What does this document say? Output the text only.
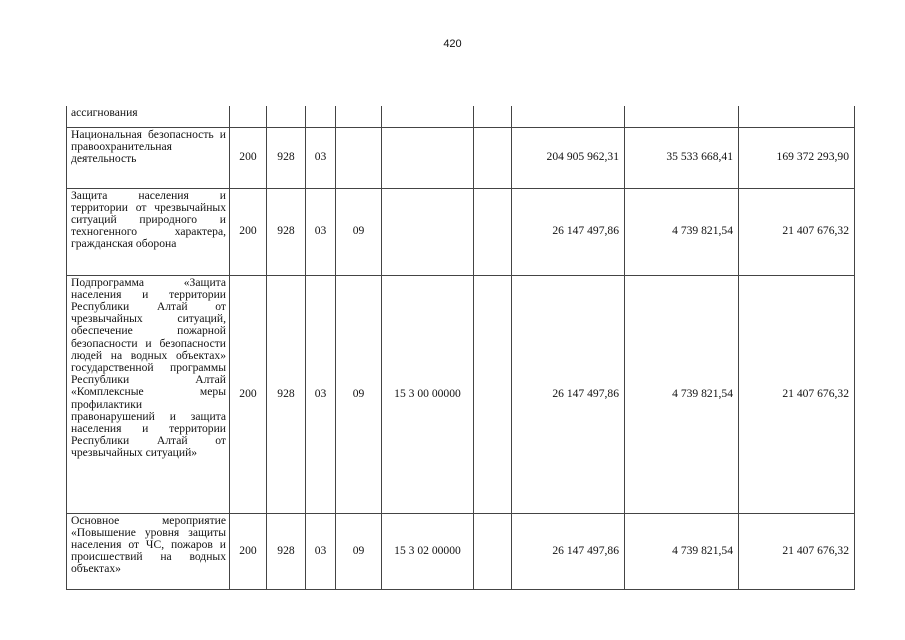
420
ассигнования									
Национальная безопасность и правоохранительная деятельность	200	928	03				204 905 962,31	35 533 668,41	169 372 293,90
Защита населения и территории от чрезвычайных ситуаций природного и техногенного характера, гражданская оборона	200	928	03	09			26 147 497,86	4 739 821,54	21 407 676,32
Подпрограмма «Защита населения и территории Республики Алтай от чрезвычайных ситуаций, обеспечение пожарной безопасности и безопасности людей на водных объектах» государственной программы Республики Алтай «Комплексные меры профилактики правонарушений и защита населения и территории Республики Алтай от чрезвычайных ситуаций»	200	928	03	09	15 3 00 00000		26 147 497,86	4 739 821,54	21 407 676,32
Основное мероприятие «Повышение уровня защиты населения от ЧС, пожаров и происшествий на водных объектах»	200	928	03	09	15 3 02 00000		26 147 497,86	4 739 821,54	21 407 676,32
